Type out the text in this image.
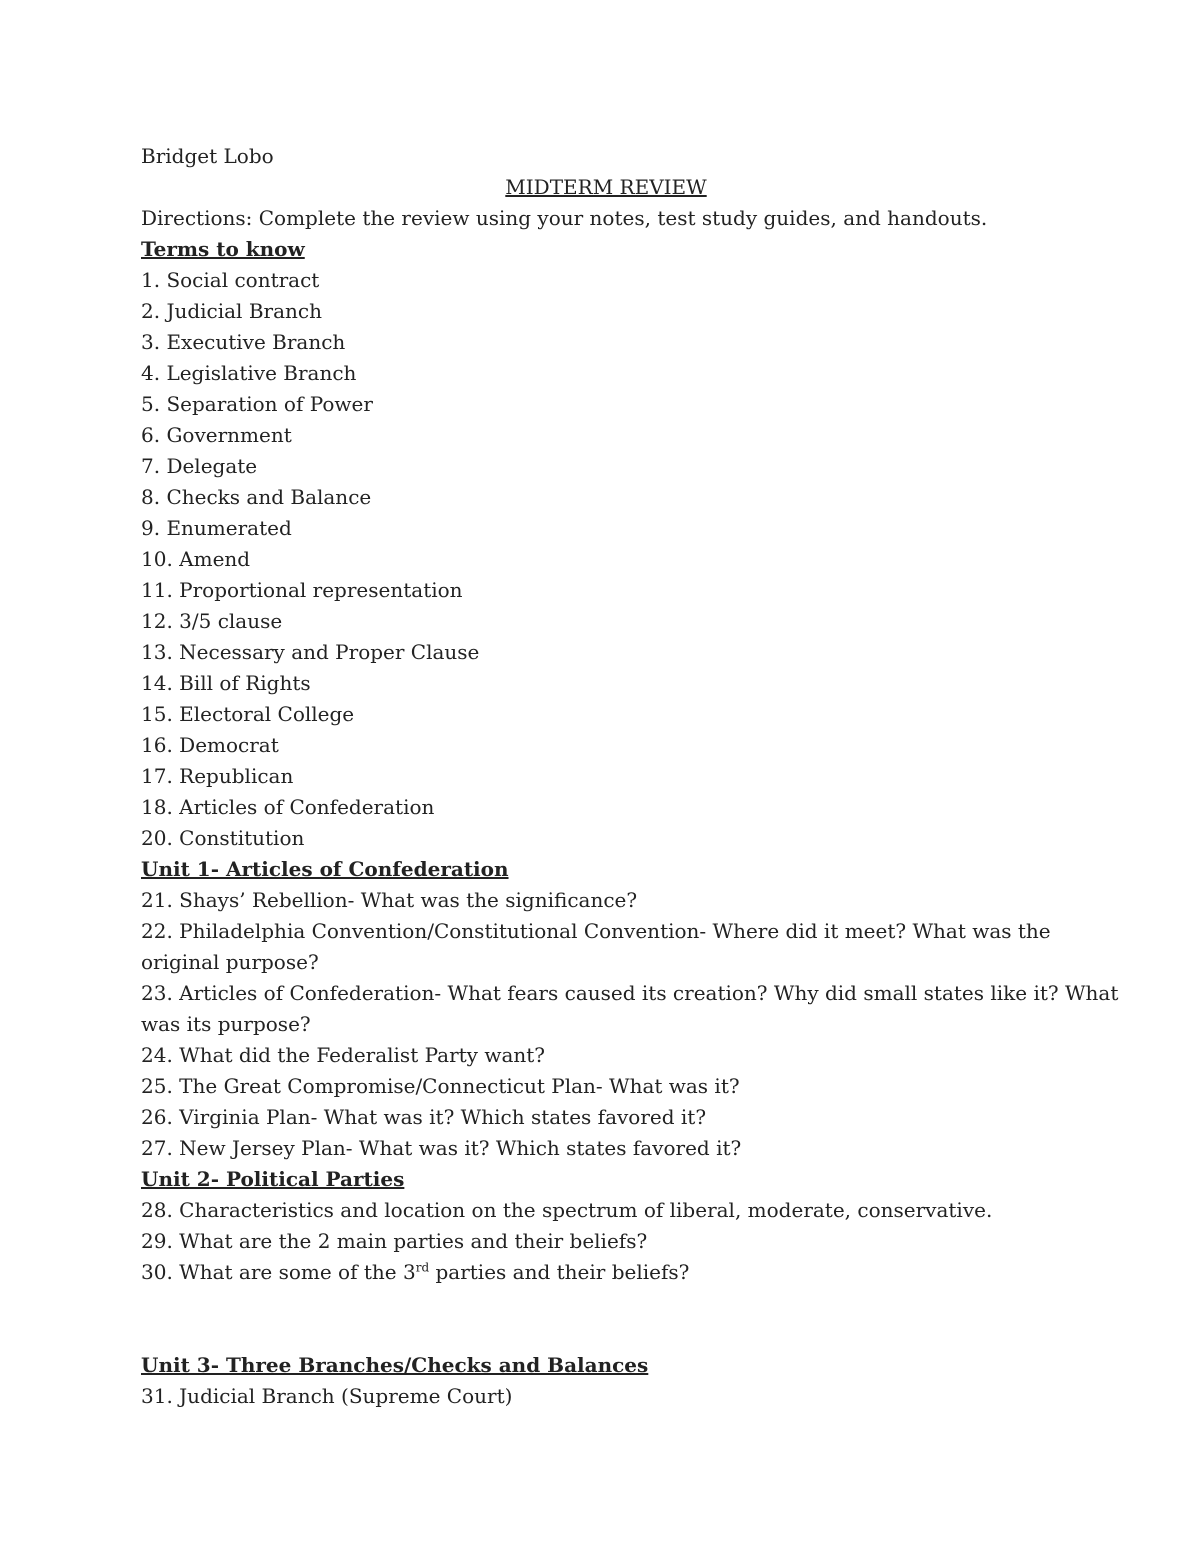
Bridget Lobo
MIDTERM REVIEW
Directions: Complete the review using your notes, test study guides, and handouts.
Terms to know
1. Social contract
2. Judicial Branch
3. Executive Branch
4. Legislative Branch
5. Separation of Power
6. Government
7. Delegate
8. Checks and Balance
9. Enumerated
10. Amend
11. Proportional representation
12. 3/5 clause
13. Necessary and Proper Clause
14. Bill of Rights
15. Electoral College
16. Democrat
17. Republican
18. Articles of Confederation
20. Constitution
Unit 1- Articles of Confederation
21. Shays’ Rebellion- What was the significance?
22. Philadelphia Convention/Constitutional Convention- Where did it meet? What was the
original purpose?
23. Articles of Confederation- What fears caused its creation? Why did small states like it? What
was its purpose?
24. What did the Federalist Party want?
25. The Great Compromise/Connecticut Plan- What was it?
26. Virginia Plan- What was it? Which states favored it?
27. New Jersey Plan- What was it? Which states favored it?
Unit 2- Political Parties
28. Characteristics and location on the spectrum of liberal, moderate, conservative.
29. What are the 2 main parties and their beliefs?
30. What are some of the 3rd parties and their beliefs?
Unit 3- Three Branches/Checks and Balances
31. Judicial Branch (Supreme Court)
